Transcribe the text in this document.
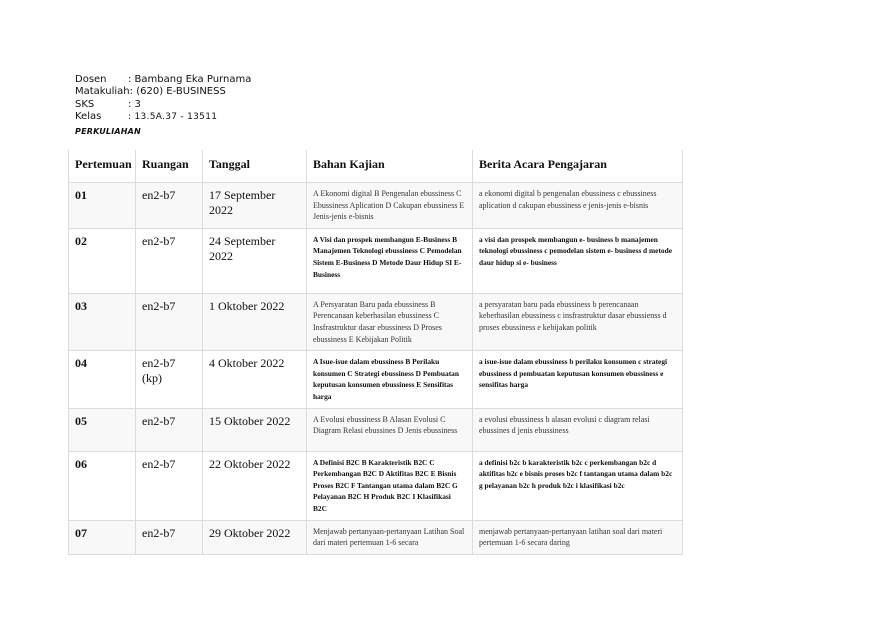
Dosen	: Bambang Eka Purnama
Matakuliah : (620) E-BUSINESS
SKS	: 3
Kelas	: 13.5A.37 - 13511
PERKULIAHAN
Pertemuan	Ruangan	Tanggal	Bahan Kajian	Berita Acara Pengajaran
01	en2-b7	17 September 2022	A Ekonomi digital B Pengenalan ebussiness C Ebussiness Aplication D Cakupan ebussiness E Jenis-jenis e-bisnis	a ekonomi digital b pengenalan ebussiness c ebussiness aplication d cakupan ebussiness e jenis-jenis e-bisnis
02	en2-b7	24 September 2022	A Visi dan prospek membangun E-Business B Manajemen Teknologi ebussiness C Pemodelan Sistem E-Business D Metode Daur Hidup SI E-Business	a visi dan prospek membangun e- business b manajemen teknologi ebussiness c pemodelan sistem e- business d metode daur hidup si e- business
03	en2-b7	1 Oktober 2022	A Persyaratan Baru pada ebussiness B Perencanaan keberhasilan ebussiness C Insfrastruktur dasar ebussiness D Proses ebussiness E Kebijakan Politik	a persyaratan baru pada ebussiness b perencanaan keberhasilan ebussiness c insfrastruktur dasar ebussienss d proses ebussiness e kebijakan politik
04	en2-b7 (kp)	4 Oktober 2022	A Isue-isue dalam ebussiness B Perilaku konsumen C Strategi ebussiness D Pembuatan keputusan konsumen ebussiness E Sensifitas harga	a isue-isue dalam ebussiness b perilaku konsumen c strategi ebussiness d pembuatan keputusan konsumen ebussiness e sensifitas harga
05	en2-b7	15 Oktober 2022	A Evolusi ebussiness B Alasan Evolusi C Diagram Relasi ebussines D Jenis ebussiness	a evolusi ebussiness b alasan evolusi c diagram relasi ebussines d jenis ebussiness
06	en2-b7	22 Oktober 2022	A Definisi B2C B Karakteristik B2C C Perkembangan B2C D Aktifitas B2C E Bisnis Proses B2C F Tantangan utama dalam B2C G Pelayanan B2C H Produk B2C I Klasifikasi B2C	a definisi b2c b karakteristik b2c c perkembangan b2c d aktifitas b2c e bisnis proses b2c f tantangan utama dalam b2c g pelayanan b2c h produk b2c i klasifikasi b2c
07	en2-b7	29 Oktober 2022	Menjawab pertanyaan-pertanyaan Latihan Soal dari materi pertemuan 1-6 secara	menjawab pertanyaan-pertanyaan latihan soal dari materi pertemuan 1-6 secara daring
